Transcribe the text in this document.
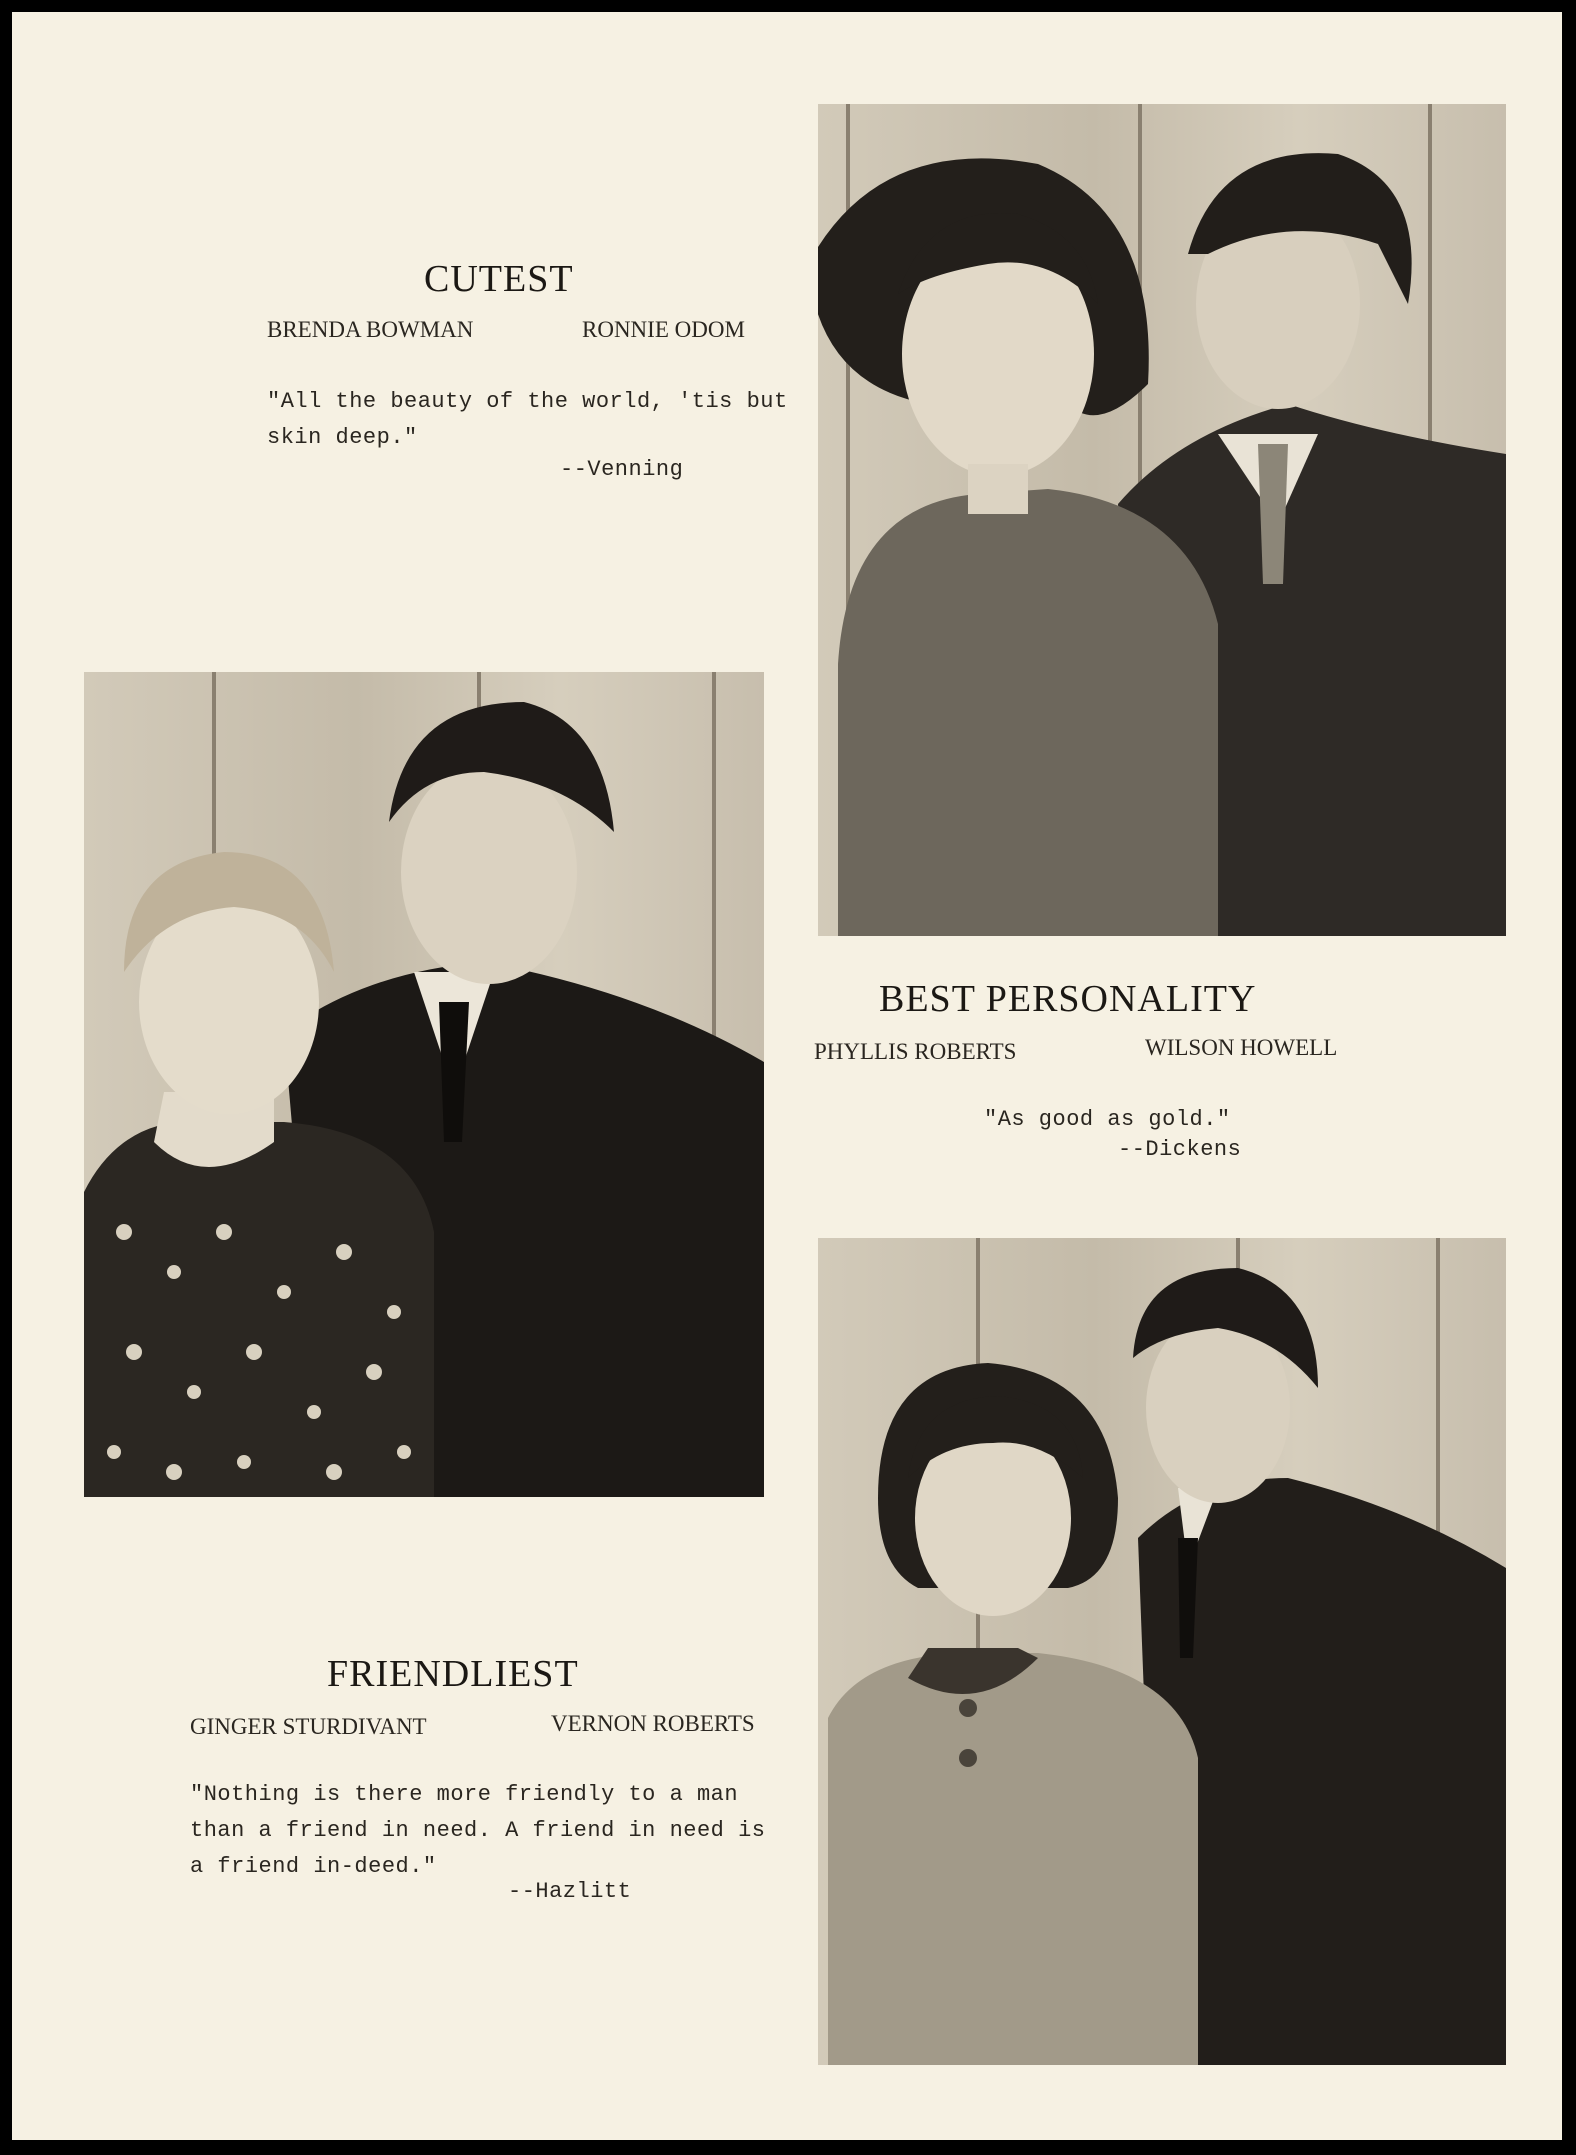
CUTEST
BRENDA BOWMAN	RONNIE ODOM
"All the beauty of the world, 'tis but skin deep."
--Venning
BEST PERSONALITY
PHYLLIS ROBERTS	WILSON HOWELL
"As good as gold."
--Dickens
FRIENDLIEST
GINGER STURDIVANT	VERNON ROBERTS
"Nothing is there more friendly to a man than a friend in need. A friend in need is a friend in-deed."
--Hazlitt
